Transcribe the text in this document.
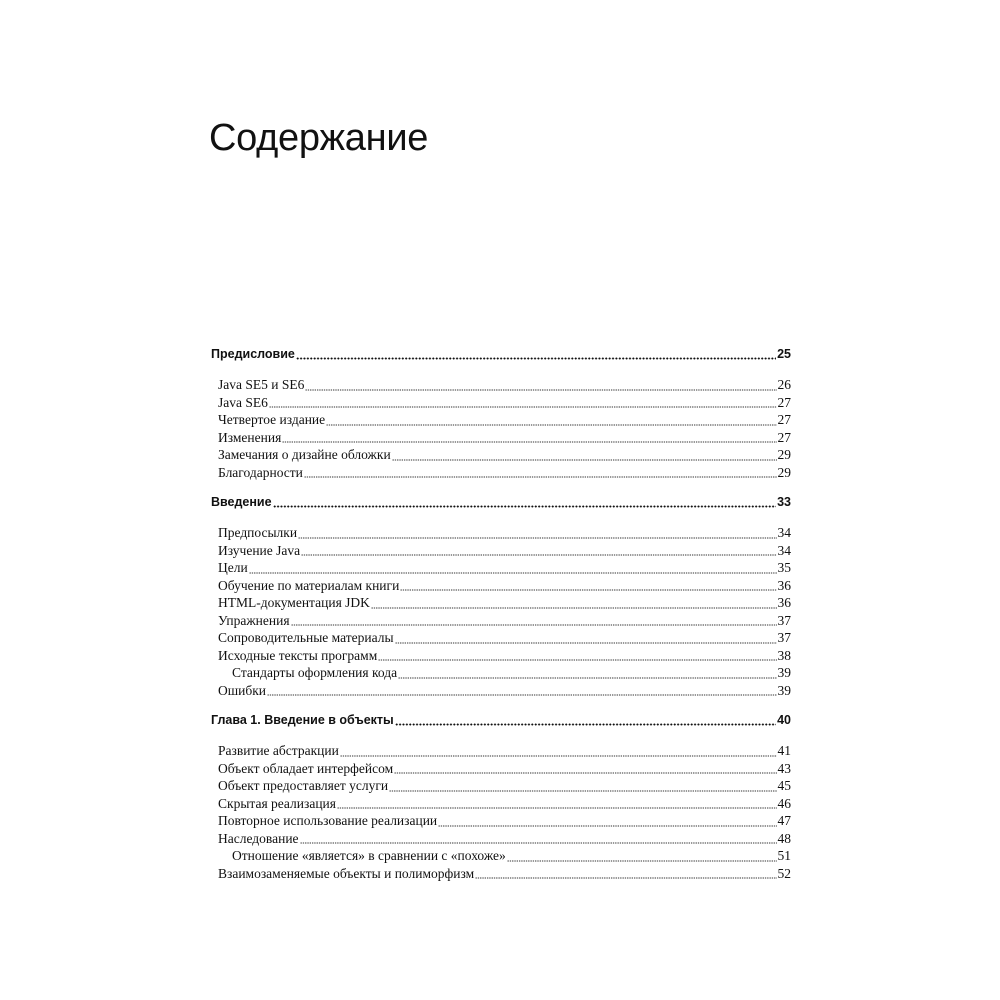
Содержание
Предисловие	25
Java SE5 и SE6	26
Java SE6	27
Четвертое издание	27
Изменения	27
Замечания о дизайне обложки	29
Благодарности	29
Введение	33
Предпосылки	34
Изучение Java	34
Цели	35
Обучение по материалам книги	36
HTML-документация JDK	36
Упражнения	37
Сопроводительные материалы	37
Исходные тексты программ	38
Стандарты оформления кода	39
Ошибки	39
Глава 1. Введение в объекты	40
Развитие абстракции	41
Объект обладает интерфейсом	43
Объект предоставляет услуги	45
Скрытая реализация	46
Повторное использование реализации	47
Наследование	48
Отношение «является» в сравнении с «похоже»	51
Взаимозаменяемые объекты и полиморфизм	52
